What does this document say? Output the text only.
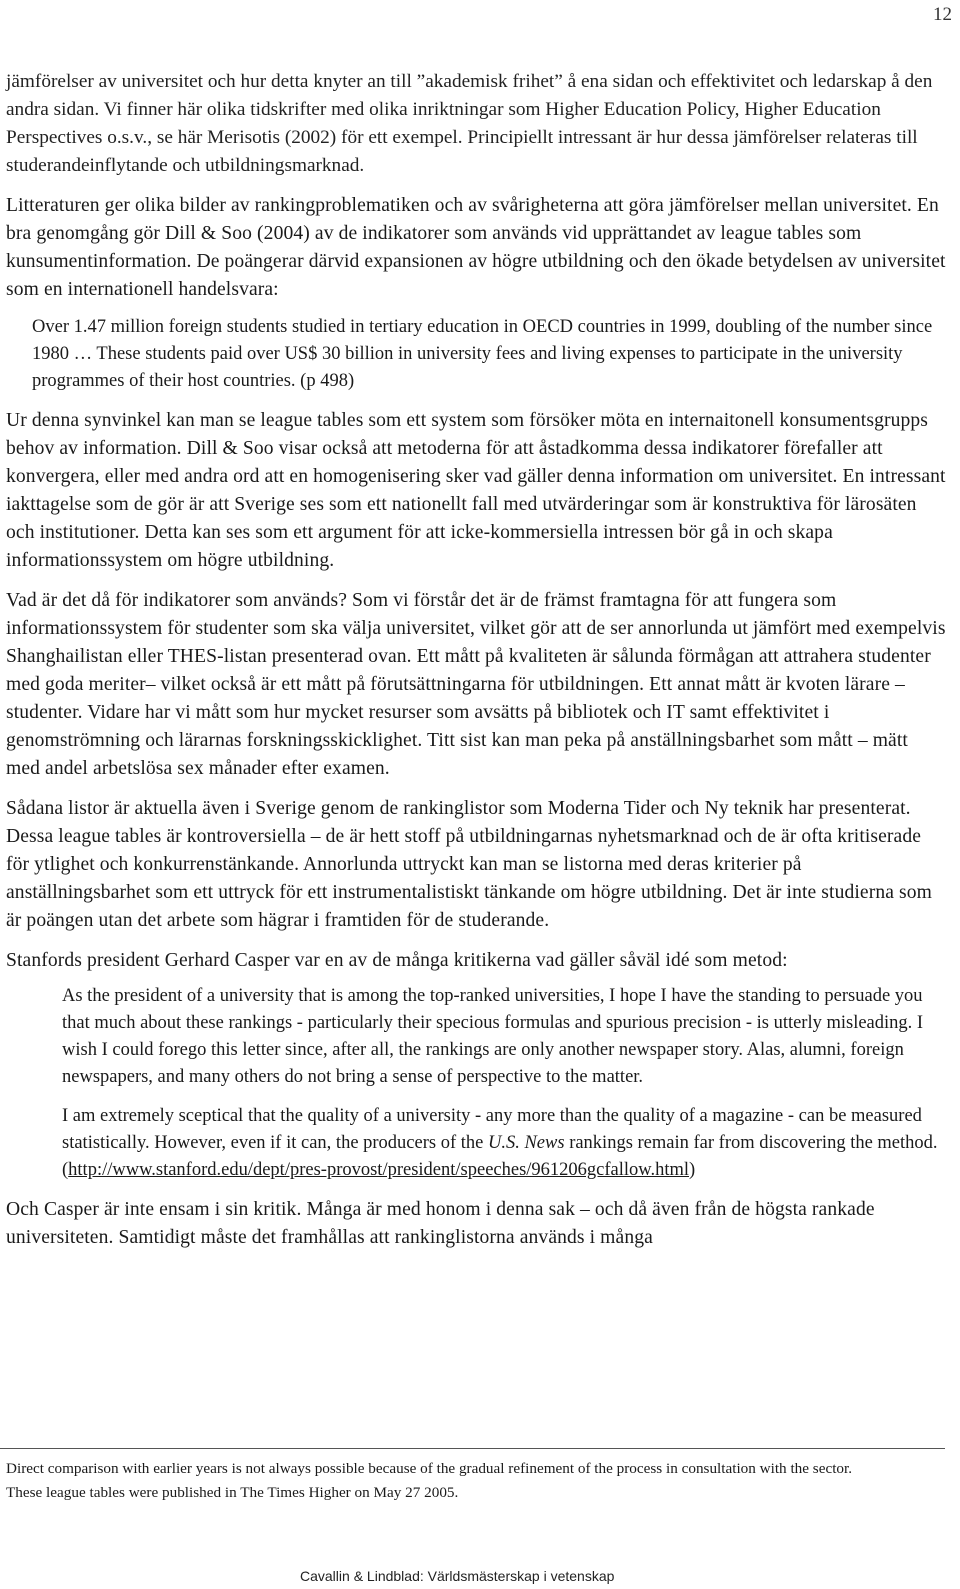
12

jämförelser av universitet och hur detta knyter an till ”akademisk frihet” å ena sidan och effektivitet och ledarskap å den andra sidan. Vi finner här olika tidskrifter med olika inriktningar som Higher Education Policy, Higher Education Perspectives o.s.v., se här Merisotis (2002) för ett exempel. Principiellt intressant är hur dessa jämförelser relateras till studerandeinflytande och utbildningsmarknad.

Litteraturen ger olika bilder av rankingproblematiken och av svårigheterna att göra jämförelser mellan universitet. En bra genomgång gör Dill & Soo (2004) av de indikatorer som används vid upprättandet av league tables som kunsumentinformation. De poängerar därvid expansionen av högre utbildning och den ökade betydelsen av universitet som en internationell handelsvara:

Over 1.47 million foreign students studied in tertiary education in OECD countries in 1999, doubling of the number since 1980 … These students paid over US$ 30 billion in university fees and living expenses to participate in the university programmes of their host countries. (p 498)

Ur denna synvinkel kan man se league tables som ett system som försöker möta en internaitonell konsumentsgrupps behov av information. Dill & Soo visar också att metoderna för att åstadkomma dessa indikatorer förefaller att konvergera, eller med andra ord att en homogenisering sker vad gäller denna information om universitet. En intressant iakttagelse som de gör är att Sverige ses som ett nationellt fall med utvärderingar som är konstruktiva för lärosäten och institutioner. Detta kan ses som ett argument för att icke-kommersiella intressen bör gå in och skapa informationssystem om högre utbildning.

Vad är det då för indikatorer som används? Som vi förstår det är de främst framtagna för att fungera som informationssystem för studenter som ska välja universitet, vilket gör att de ser annorlunda ut jämfört med exempelvis Shanghailistan eller THES-listan presenterad ovan. Ett mått på kvaliteten är sålunda förmågan att attrahera studenter med goda meriter– vilket också är ett mått på förutsättningarna för utbildningen. Ett annat mått är kvoten lärare – studenter. Vidare har vi mått som hur mycket resurser som avsätts på bibliotek och IT samt effektivitet i genomströmning och lärarnas forskningsskicklighet. Titt sist kan man peka på anställningsbarhet som mått – mätt med andel arbetslösa sex månader efter examen.

Sådana listor är aktuella även i Sverige genom de rankinglistor som Moderna Tider och Ny teknik har presenterat. Dessa league tables är kontroversiella – de är hett stoff på utbildningarnas nyhetsmarknad och de är ofta kritiserade för ytlighet och konkurrenstänkande. Annorlunda uttryckt kan man se listorna med deras kriterier på anställningsbarhet som ett uttryck för ett instrumentalistiskt tänkande om högre utbildning. Det är inte studierna som är poängen utan det arbete som hägrar i framtiden för de studerande.

Stanfords president Gerhard Casper var en av de många kritikerna vad gäller såväl idé som metod:

As the president of a university that is among the top-ranked universities, I hope I have the standing to persuade you that much about these rankings - particularly their specious formulas and spurious precision - is utterly misleading. I wish I could forego this letter since, after all, the rankings are only another newspaper story. Alas, alumni, foreign newspapers, and many others do not bring a sense of perspective to the matter.

I am extremely sceptical that the quality of a university - any more than the quality of a magazine - can be measured statistically. However, even if it can, the producers of the U.S. News rankings remain far from discovering the method. (http://www.stanford.edu/dept/pres-provost/president/speeches/961206gcfallow.html)

Och Casper är inte ensam i sin kritik. Många är med honom i denna sak – och då även från de högsta rankade universiteten. Samtidigt måste det framhållas att rankinglistorna används i många

Direct comparison with earlier years is not always possible because of the gradual refinement of the process in consultation with the sector.

These league tables were published in The Times Higher on May 27 2005.

Cavallin & Lindblad: Världsmästerskap i vetenskap
